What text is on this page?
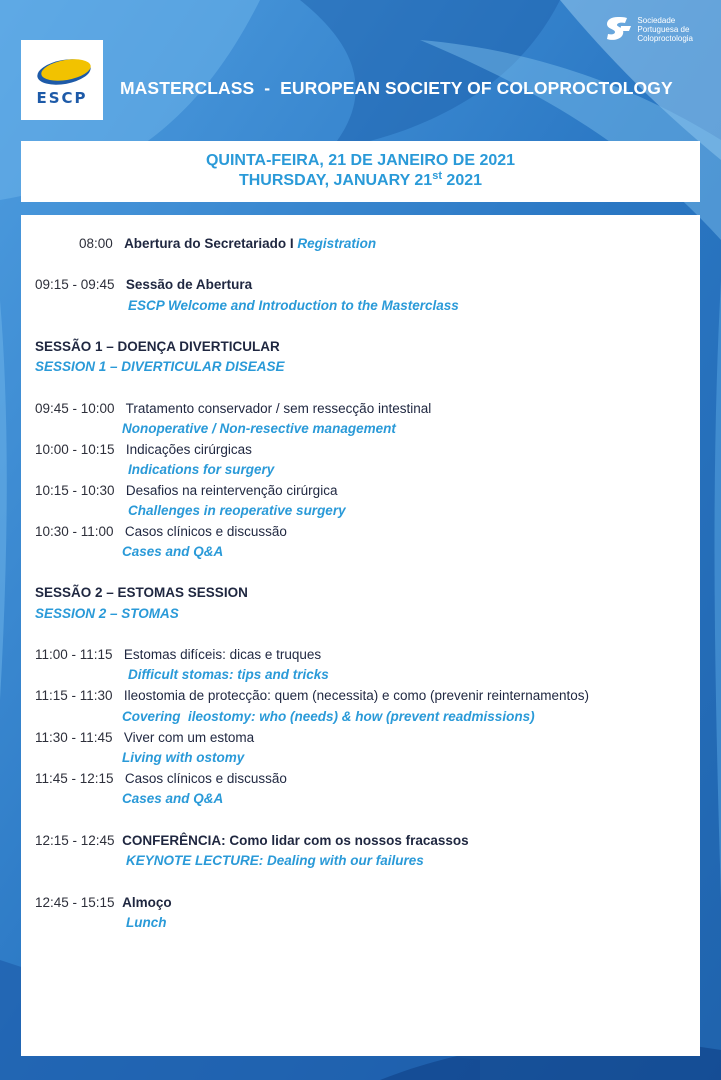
ESCP
Sociedade
Portuguesa de
Coloproctologia
MASTERCLASS  -  EUROPEAN SOCIETY OF COLOPROCTOLOGY
QUINTA-FEIRA, 21 DE JANEIRO DE 2021
THURSDAY, JANUARY 21st 2021
08:00 Abertura do Secretariado I Registration
09:15 - 09:45 Sessão de Abertura
ESCP Welcome and Introduction to the Masterclass
SESSÃO 1 – DOENÇA DIVERTICULAR
SESSION 1 – DIVERTICULAR DISEASE
09:45 - 10:00 Tratamento conservador / sem ressecção intestinal
Nonoperative / Non-resective management
10:00 - 10:15 Indicações cirúrgicas
Indications for surgery
10:15 - 10:30 Desafios na reintervenção cirúrgica
Challenges in reoperative surgery
10:30 - 11:00 Casos clínicos e discussão
Cases and Q&A
SESSÃO 2 – ESTOMAS SESSION
SESSION 2 – STOMAS
11:00 - 11:15 Estomas difíceis: dicas e truques
Difficult stomas: tips and tricks
11:15 - 11:30 Ileostomia de protecção: quem (necessita) e como (prevenir reinternamentos)
Covering  ileostomy: who (needs) & how (prevent readmissions)
11:30 - 11:45 Viver com um estoma
Living with ostomy
11:45 - 12:15 Casos clínicos e discussão
Cases and Q&A
12:15 - 12:45 CONFERÊNCIA: Como lidar com os nossos fracassos
KEYNOTE LECTURE: Dealing with our failures
12:45 - 15:15 Almoço
Lunch
